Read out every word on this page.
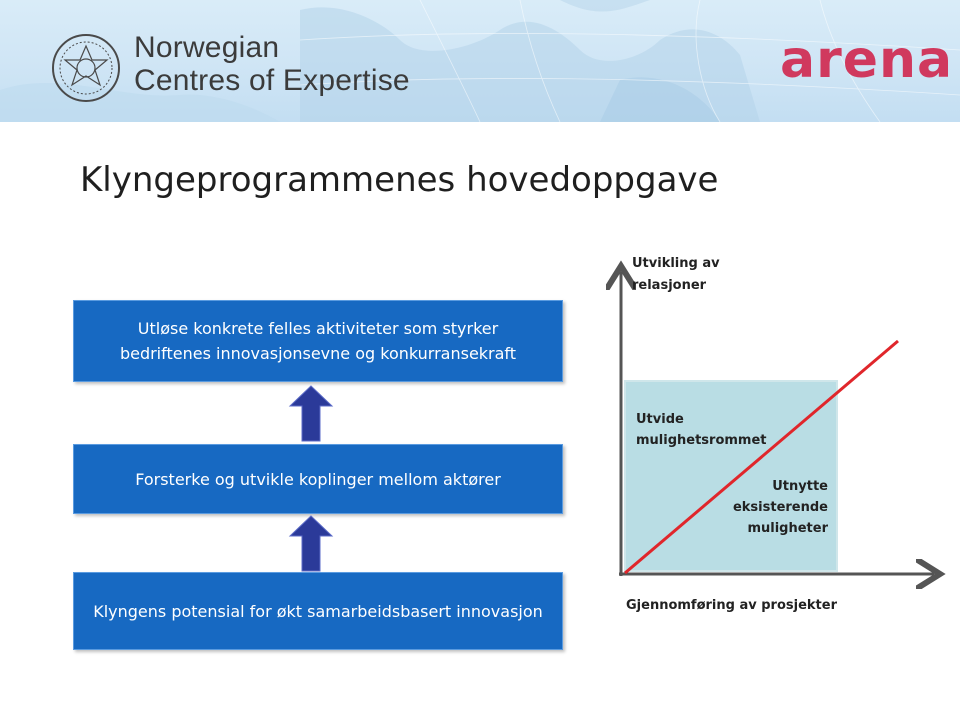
Norwegian
Centres of Expertise	arena
Klyngeprogrammenes hovedoppgave
Utløse konkrete felles aktiviteter som styrker bedriftenes innovasjonsevne og konkurransekraft
Forsterke og utvikle koplinger mellom aktører
Klyngens potensial for økt samarbeidsbasert innovasjon
Utvikling av relasjoner
Gjennomføring av prosjekter
Utvide mulighetsrommet
Utnytte eksisterende muligheter
